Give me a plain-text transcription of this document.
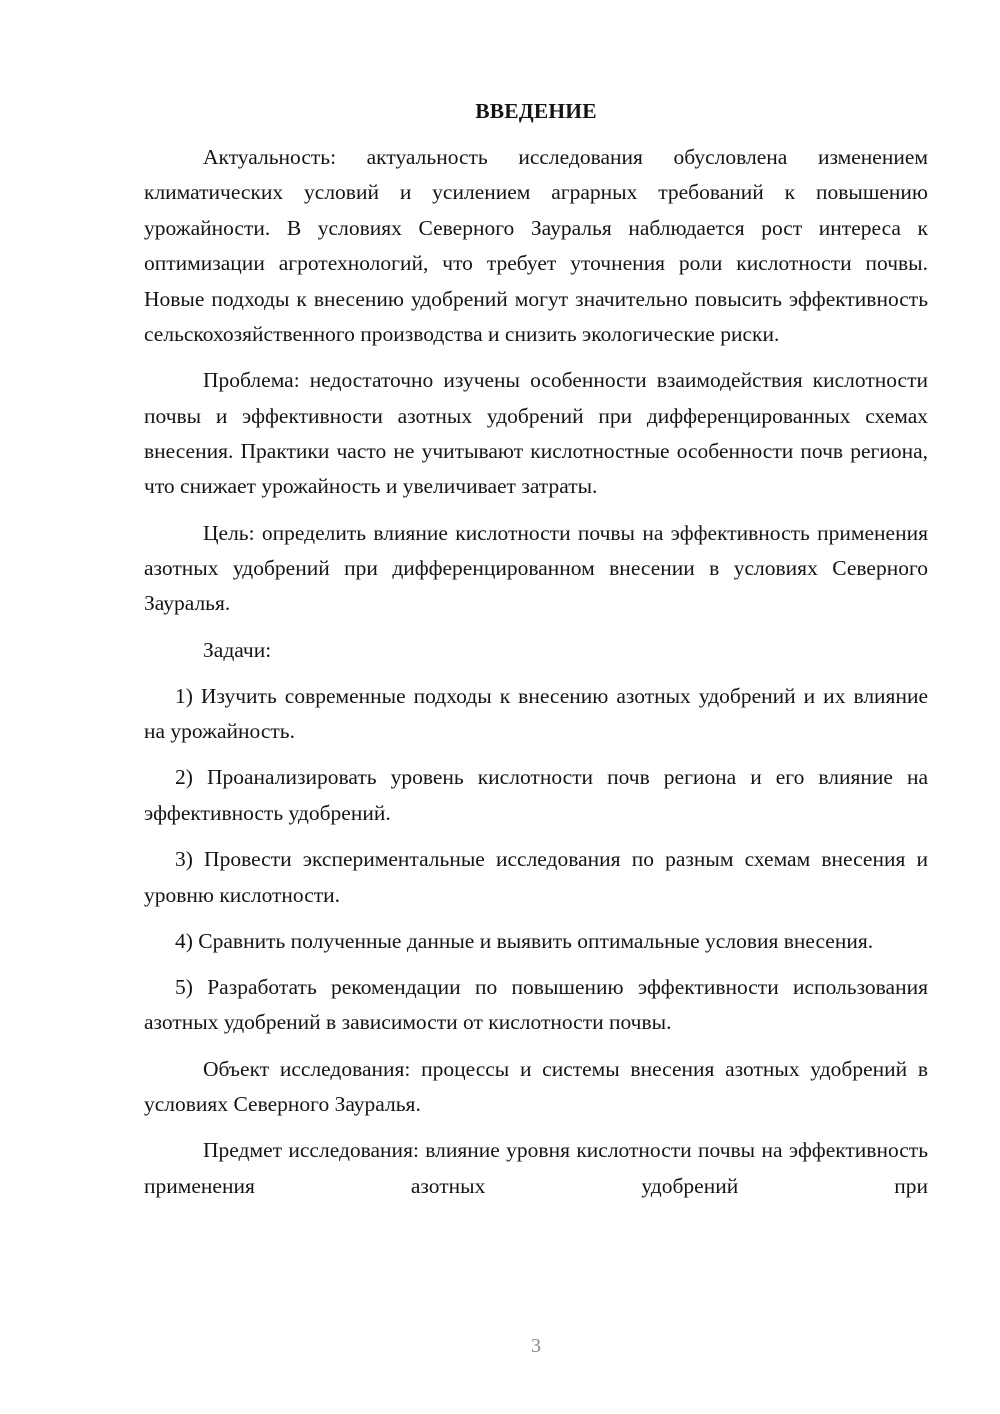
ВВЕДЕНИЕ

Актуальность: актуальность исследования обусловлена изменением климатических условий и усилением аграрных требований к повышению урожайности. В условиях Северного Зауралья наблюдается рост интереса к оптимизации агротехнологий, что требует уточнения роли кислотности почвы. Новые подходы к внесению удобрений могут значительно повысить эффективность сельскохозяйственного производства и снизить экологические риски.

Проблема: недостаточно изучены особенности взаимодействия кислотности почвы и эффективности азотных удобрений при дифференцированных схемах внесения. Практики часто не учитывают кислотностные особенности почв региона, что снижает урожайность и увеличивает затраты.

Цель: определить влияние кислотности почвы на эффективность применения азотных удобрений при дифференцированном внесении в условиях Северного Зауралья.

Задачи:

1) Изучить современные подходы к внесению азотных удобрений и их влияние на урожайность.

2) Проанализировать уровень кислотности почв региона и его влияние на эффективность удобрений.

3) Провести экспериментальные исследования по разным схемам внесения и уровню кислотности.

4) Сравнить полученные данные и выявить оптимальные условия внесения.

5) Разработать рекомендации по повышению эффективности использования азотных удобрений в зависимости от кислотности почвы.

Объект исследования: процессы и системы внесения азотных удобрений в условиях Северного Зауралья.

Предмет исследования: влияние уровня кислотности почвы на эффективность применения азотных удобрений при

3
